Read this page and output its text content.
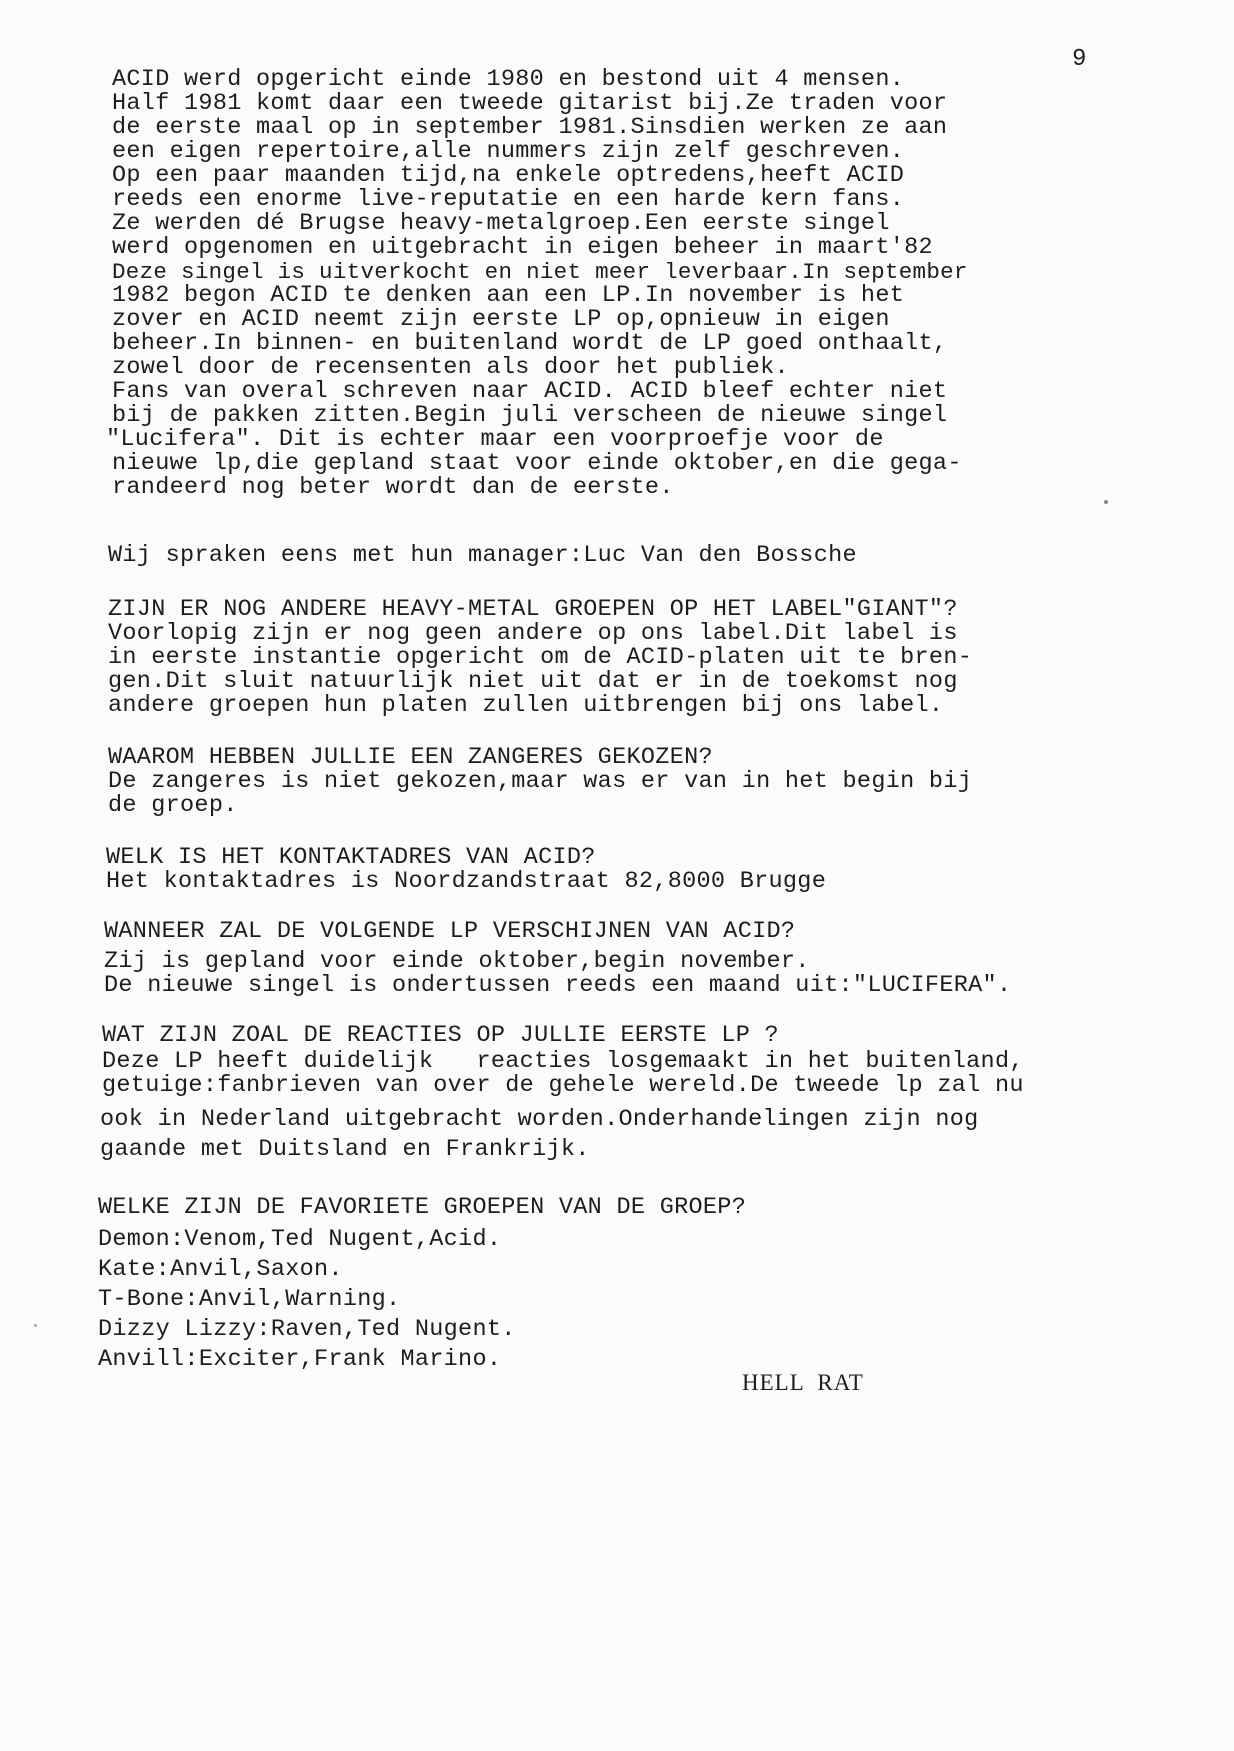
9
ACID werd opgericht einde 1980 en bestond uit 4 mensen.
Half 1981 komt daar een tweede gitarist bij.Ze traden voor
de eerste maal op in september 1981.Sinsdien werken ze aan
een eigen repertoire,alle nummers zijn zelf geschreven.
Op een paar maanden tijd,na enkele optredens,heeft ACID
reeds een enorme live-reputatie en een harde kern fans.
Ze werden dé Brugse heavy-metalgroep.Een eerste singel
werd opgenomen en uitgebracht in eigen beheer in maart'82
Deze singel is uitverkocht en niet meer leverbaar.In september
1982 begon ACID te denken aan een LP.In november is het
zover en ACID neemt zijn eerste LP op,opnieuw in eigen
beheer.In binnen- en buitenland wordt de LP goed onthaalt,
zowel door de recensenten als door het publiek.
Fans van overal schreven naar ACID. ACID bleef echter niet
bij de pakken zitten.Begin juli verscheen de nieuwe singel
"Lucifera". Dit is echter maar een voorproefje voor de
nieuwe lp,die gepland staat voor einde oktober,en die gega-
randeerd nog beter wordt dan de eerste.
Wij spraken eens met hun manager:Luc Van den Bossche
ZIJN ER NOG ANDERE HEAVY-METAL GROEPEN OP HET LABEL"GIANT"?
Voorlopig zijn er nog geen andere op ons label.Dit label is
in eerste instantie opgericht om de ACID-platen uit te bren-
gen.Dit sluit natuurlijk niet uit dat er in de toekomst nog
andere groepen hun platen zullen uitbrengen bij ons label.
WAAROM HEBBEN JULLIE EEN ZANGERES GEKOZEN?
De zangeres is niet gekozen,maar was er van in het begin bij
de groep.
WELK IS HET KONTAKTADRES VAN ACID?
Het kontaktadres is Noordzandstraat 82,8000 Brugge
WANNEER ZAL DE VOLGENDE LP VERSCHIJNEN VAN ACID?
Zij is gepland voor einde oktober,begin november.
De nieuwe singel is ondertussen reeds een maand uit:"LUCIFERA".
WAT ZIJN ZOAL DE REACTIES OP JULLIE EERSTE LP ?
Deze LP heeft duidelijk   reacties losgemaakt in het buitenland,
getuige:fanbrieven van over de gehele wereld.De tweede lp zal nu
ook in Nederland uitgebracht worden.Onderhandelingen zijn nog
gaande met Duitsland en Frankrijk.
WELKE ZIJN DE FAVORIETE GROEPEN VAN DE GROEP?
Demon:Venom,Ted Nugent,Acid.
Kate:Anvil,Saxon.
T-Bone:Anvil,Warning.
Dizzy Lizzy:Raven,Ted Nugent.
Anvill:Exciter,Frank Marino.
HELL  RAT
